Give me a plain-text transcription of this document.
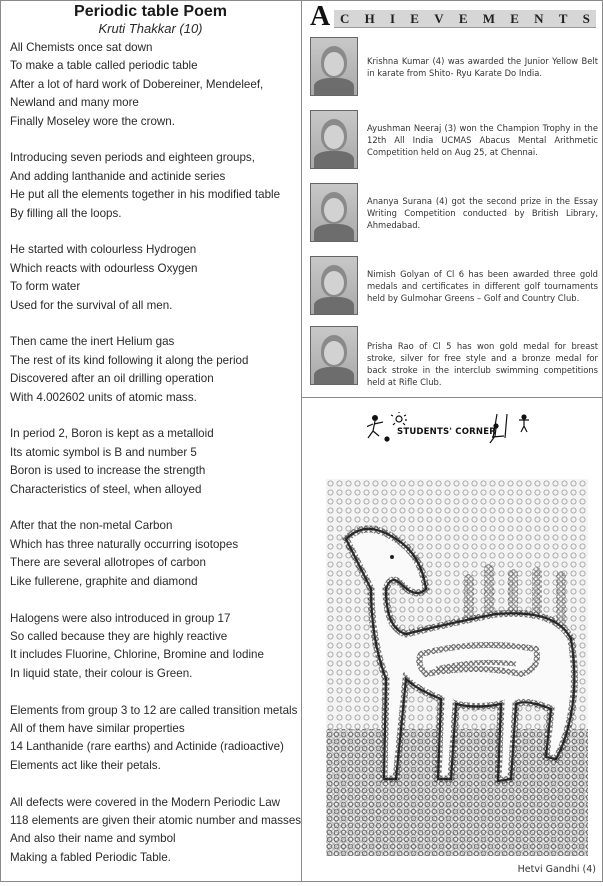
Periodic table Poem
Kruti Thakkar (10)
All Chemists once sat down
To make a table called periodic table
After a lot of hard work of Dobereiner, Mendeleef,
Newland and many more
Finally Moseley wore the crown.
Introducing seven periods and eighteen groups,
And adding lanthanide and actinide series
He put all the elements together in his modified table
By filling all the loops.
He started with colourless Hydrogen
Which reacts with odourless Oxygen
To form water
Used for the survival of all men.
Then came the inert Helium gas
The rest of its kind following it along the period
Discovered after an oil drilling operation
With 4.002602 units of atomic mass.
In period 2, Boron is kept as a metalloid
Its atomic symbol is B and number 5
Boron is used to increase the strength
Characteristics of steel, when alloyed
After that the non-metal Carbon
Which has three naturally occurring isotopes
There are several allotropes of carbon
Like fullerene, graphite and diamond
Halogens were also introduced in group 17
So called because they are highly reactive
It includes Fluorine, Chlorine, Bromine and Iodine
In liquid state, their colour is Green.
Elements from group 3 to 12 are called transition metals
All of them have similar properties
14 Lanthanide (rare earths) and Actinide (radioactive)
Elements act like their petals.
All defects were covered in the Modern Periodic Law
118 elements are given their atomic number and masses
And also their name and symbol
Making a fabled Periodic Table.
A C H I E V E M E N T S
Krishna Kumar (4) was awarded the Junior Yellow Belt in karate from Shito- Ryu Karate Do India.
Ayushman Neeraj (3) won the Champion Trophy in the 12th All India UCMAS Abacus Mental Arithmetic Competition held on Aug 25, at Chennai.
Ananya Surana (4) got the second prize in the Essay Writing Competition conducted by British Library, Ahmedabad.
Nimish Golyan of Cl 6 has been awarded three gold medals and certificates in different golf tournaments held by Gulmohar Greens – Golf and Country Club.
Prisha Rao of Cl 5 has won gold medal for breast stroke, silver for free style and a bronze medal for back stroke in the interclub swimming competitions held at Rifle Club.
STUDENTS' CORNER
Hetvi Gandhi (4)
